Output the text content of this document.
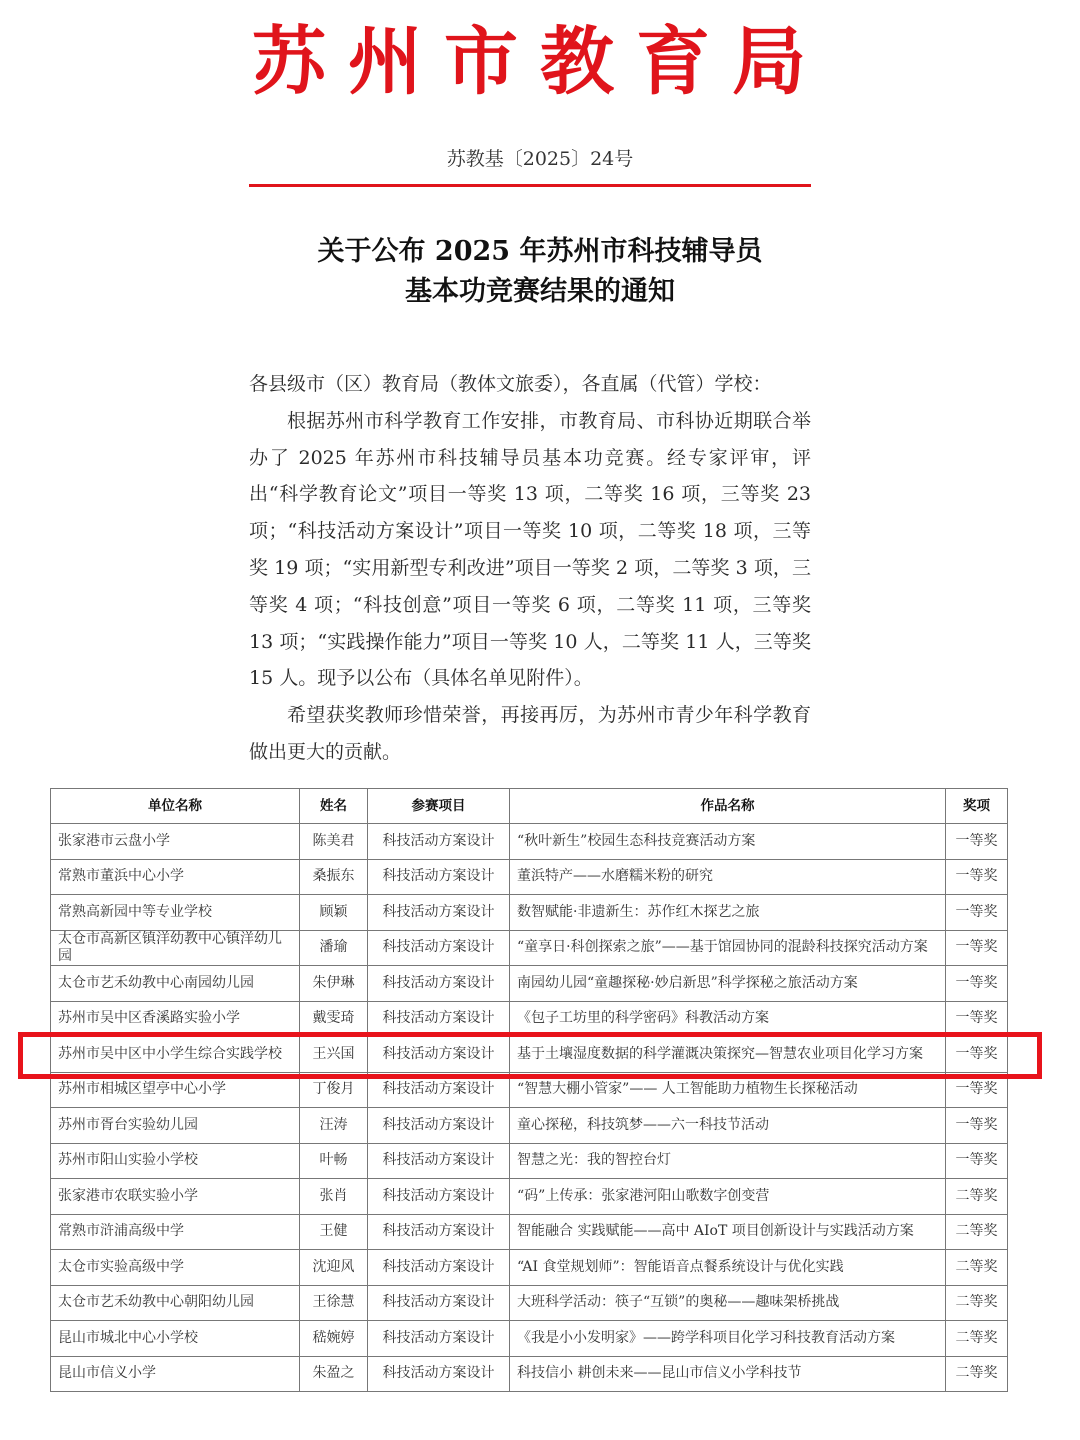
苏州市教育局
苏教基〔2025〕24号
关于公布 2025 年苏州市科技辅导员
基本功竞赛结果的通知

各县级市（区）教育局（教体文旅委），各直属（代管）学校：

根据苏州市科学教育工作安排，市教育局、市科协近期联合举办了 2025 年苏州市科技辅导员基本功竞赛。经专家评审，评出“科学教育论文”项目一等奖 13 项，二等奖 16 项，三等奖 23 项；“科技活动方案设计”项目一等奖 10 项，二等奖 18 项，三等奖 19 项；“实用新型专利改进”项目一等奖 2 项，二等奖 3 项，三等奖 4 项；“科技创意”项目一等奖 6 项，二等奖 11 项，三等奖 13 项；“实践操作能力”项目一等奖 10 人，二等奖 11 人，三等奖 15 人。现予以公布（具体名单见附件）。

希望获奖教师珍惜荣誉，再接再厉，为苏州市青少年科学教育做出更大的贡献。

单位名称	姓名	参赛项目	作品名称	奖项
张家港市云盘小学	陈美君	科技活动方案设计	“秋叶新生”校园生态科技竞赛活动方案	一等奖
常熟市董浜中心小学	桑振东	科技活动方案设计	董浜特产——水磨糯米粉的研究	一等奖
常熟高新园中等专业学校	顾颖	科技活动方案设计	数智赋能·非遗新生：苏作红木探艺之旅	一等奖
太仓市高新区镇洋幼教中心镇洋幼儿园	潘瑜	科技活动方案设计	“童享日·科创探索之旅”——基于馆园协同的混龄科技探究活动方案	一等奖
太仓市艺禾幼教中心南园幼儿园	朱伊琳	科技活动方案设计	南园幼儿园“童趣探秘·妙启新思”科学探秘之旅活动方案	一等奖
苏州市吴中区香溪路实验小学	戴雯琦	科技活动方案设计	《包子工坊里的科学密码》科教活动方案	一等奖
苏州市吴中区中小学生综合实践学校	王兴国	科技活动方案设计	基于土壤湿度数据的科学灌溉决策探究—智慧农业项目化学习方案	一等奖
苏州市相城区望亭中心小学	丁俊月	科技活动方案设计	“智慧大棚小管家”—— 人工智能助力植物生长探秘活动	一等奖
苏州市胥台实验幼儿园	汪涛	科技活动方案设计	童心探秘，科技筑梦——六一科技节活动	一等奖
苏州市阳山实验小学校	叶畅	科技活动方案设计	智慧之光：我的智控台灯	一等奖
张家港市农联实验小学	张肖	科技活动方案设计	“码”上传承：张家港河阳山歌数字创变营	二等奖
常熟市浒浦高级中学	王健	科技活动方案设计	智能融合 实践赋能——高中 AIoT 项目创新设计与实践活动方案	二等奖
太仓市实验高级中学	沈迎风	科技活动方案设计	“AI 食堂规划师”：智能语音点餐系统设计与优化实践	二等奖
太仓市艺禾幼教中心朝阳幼儿园	王徐慧	科技活动方案设计	大班科学活动：筷子“互锁”的奥秘——趣味架桥挑战	二等奖
昆山市城北中心小学校	嵇婉婷	科技活动方案设计	《我是小小发明家》——跨学科项目化学习科技教育活动方案	二等奖
昆山市信义小学	朱盈之	科技活动方案设计	科技信小 耕创未来——昆山市信义小学科技节	二等奖
